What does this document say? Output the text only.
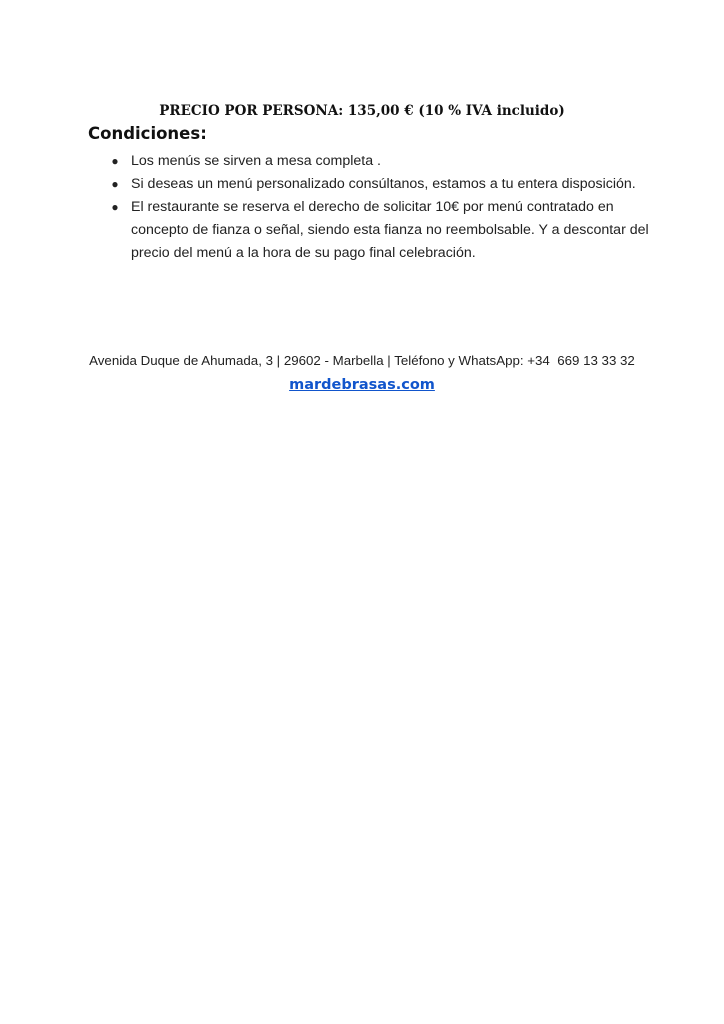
PRECIO POR PERSONA: 135,00 € (10 % IVA incluido)
Condiciones:
● Los menús se sirven a mesa completa .
● Si deseas un menú personalizado consúltanos, estamos a tu entera disposición.
● El restaurante se reserva el derecho de solicitar 10€ por menú contratado en concepto de fianza o señal, siendo esta fianza no reembolsable. Y a descontar del precio del menú a la hora de su pago final celebración.
Avenida Duque de Ahumada, 3 | 29602 - Marbella | Teléfono y WhatsApp: +34  669 13 33 32
mardebrasas.com
